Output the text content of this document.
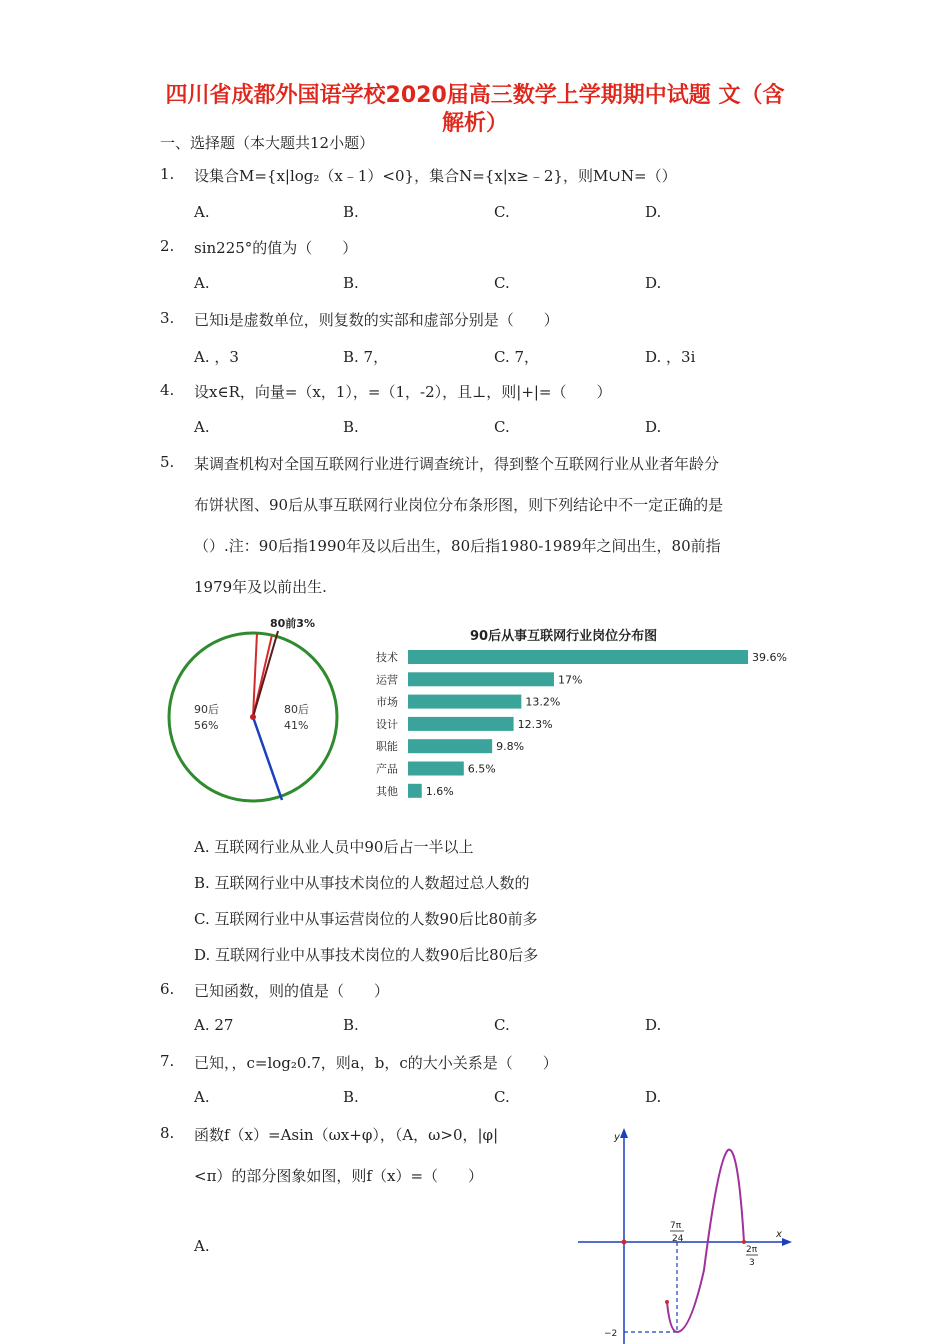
四川省成都外国语学校2020届高三数学上学期期中试题 文（含
解析）
一、选择题（本大题共12小题）
1. 设集合M={x|log₂（x﹣1）<0}，集合N={x|x≥﹣2}，则M∪N=（）
A.	B.	C.	D.
2. sin225°的值为（　　）
A.	B.	C.	D.
3. 已知i是虚数单位，则复数的实部和虚部分别是（　　）
A. ，3	B. 7，	C. 7，	D. ，3i
4. 设x∈R，向量=（x，1），=（1，-2），且⊥，则|+|=（　　）
A.	B.	C.	D.
5. 某调查机构对全国互联网行业进行调查统计，得到整个互联网行业从业者年龄分
布饼状图、90后从事互联网行业岗位分布条形图，则下列结论中不一定正确的是
（）.注：90后指1990年及以后出生，80后指1980-1989年之间出生，80前指
1979年及以前出生.
80前3%
90后
56%
80后
41%
90后从事互联网行业岗位分布图
技术	39.6%
运营	17%
市场	13.2%
设计	12.3%
职能	9.8%
产品	6.5%
其他	1.6%
A. 互联网行业从业人员中90后占一半以上
B. 互联网行业中从事技术岗位的人数超过总人数的
C. 互联网行业中从事运营岗位的人数90后比80前多
D. 互联网行业中从事技术岗位的人数90后比80后多
6. 已知函数，则的值是（　　）
A. 27	B.	C.	D.
7. 已知，，c=log₂0.7，则a，b，c的大小关系是（　　）
A.	B.	C.	D.
8. 函数f（x）=Asin（ωx+φ），（A，ω>0，|φ|
<π）的部分图象如图，则f（x）=（　　）
A.
y
x
7π
24
2π
3
−2
